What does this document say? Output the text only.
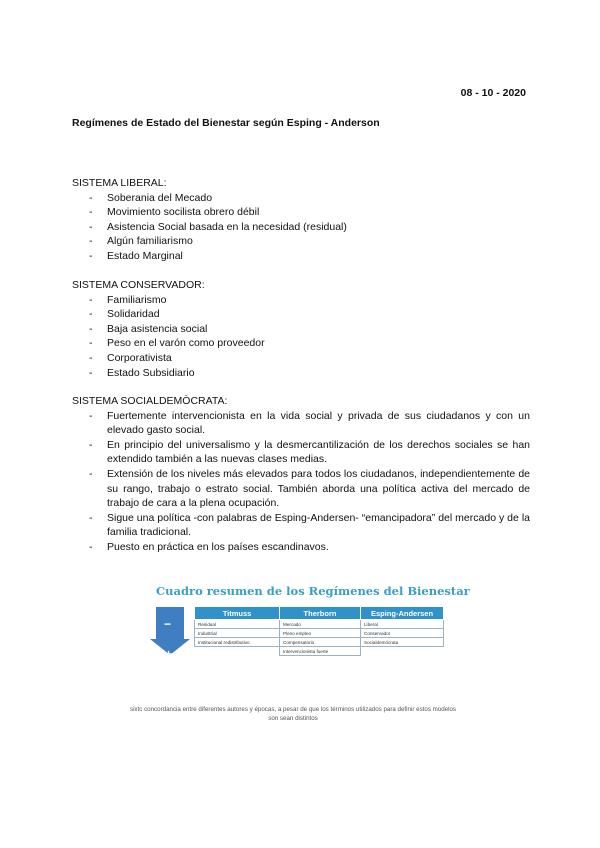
08 - 10 - 2020
Regímenes de Estado del Bienestar según Esping - Anderson
SISTEMA LIBERAL:
- Soberania del Mecado
- Movimiento socilista obrero débil
- Asistencia Social basada en la necesidad (residual)
- Algún familiarismo
- Estado Marginal
SISTEMA CONSERVADOR:
- Familiarismo
- Solidaridad
- Baja asistencia social
- Peso en el varón como proveedor
- Corporativista
- Estado Subsidiario
SISTEMA SOCIALDEMÒCRATA:
- Fuertemente intervencionista en la vida social y privada de sus ciudadanos y con un elevado gasto social.
- En principio del universalismo y la desmercantilización de los derechos sociales se han extendido también a las nuevas clases medias.
- Extensión de los niveles más elevados para todos los ciudadanos, independientemente de su rango, trabajo o estrato social. También aborda una política activa del mercado de trabajo de cara a la plena ocupación.
- Sigue una política -con palabras de Esping-Andersen- “emancipadora” del mercado y de la familia tradicional.
- Puesto en práctica en los países escandinavos.
Cuadro resumen de los Regímenes del Bienestar
−
+
Titmuss	Therborn	Esping-Andersen
Residual	Mercado	Liberal
Industrial	Pleno empleo	Conservador
Institucional redistributivo	Compensatorio	Socialdemócrata
	Intervencionista fuerte	
sixtc concordancia entre diferentes autores y épocas, a pesar de que los términos utilizados para definir estos modelos son sean distintos
